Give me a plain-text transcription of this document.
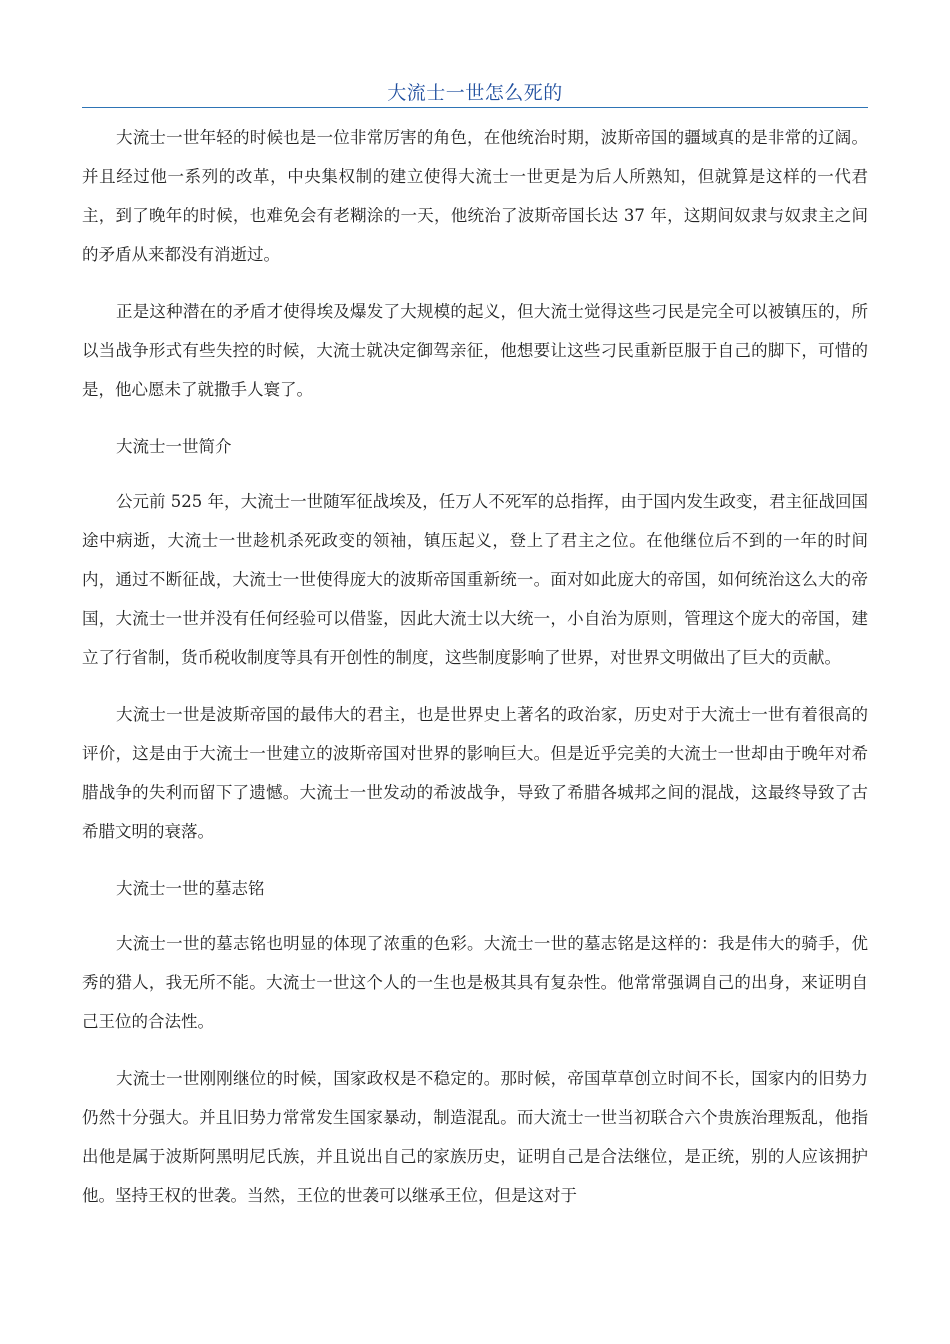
大流士一世怎么死的

大流士一世年轻的时候也是一位非常厉害的角色，在他统治时期，波斯帝国的疆域真的是非常的辽阔。并且经过他一系列的改革，中央集权制的建立使得大流士一世更是为后人所熟知，但就算是这样的一代君主，到了晚年的时候，也难免会有老糊涂的一天，他统治了波斯帝国长达 37 年，这期间奴隶与奴隶主之间的矛盾从来都没有消逝过。

正是这种潜在的矛盾才使得埃及爆发了大规模的起义，但大流士觉得这些刁民是完全可以被镇压的，所以当战争形式有些失控的时候，大流士就决定御驾亲征，他想要让这些刁民重新臣服于自己的脚下，可惜的是，他心愿未了就撒手人寰了。

大流士一世简介

公元前 525 年，大流士一世随军征战埃及，任万人不死军的总指挥，由于国内发生政变，君主征战回国途中病逝，大流士一世趁机杀死政变的领袖，镇压起义，登上了君主之位。在他继位后不到的一年的时间内，通过不断征战，大流士一世使得庞大的波斯帝国重新统一。面对如此庞大的帝国，如何统治这么大的帝国，大流士一世并没有任何经验可以借鉴，因此大流士以大统一，小自治为原则，管理这个庞大的帝国，建立了行省制，货币税收制度等具有开创性的制度，这些制度影响了世界，对世界文明做出了巨大的贡献。

大流士一世是波斯帝国的最伟大的君主，也是世界史上著名的政治家，历史对于大流士一世有着很高的评价，这是由于大流士一世建立的波斯帝国对世界的影响巨大。但是近乎完美的大流士一世却由于晚年对希腊战争的失利而留下了遗憾。大流士一世发动的希波战争，导致了希腊各城邦之间的混战，这最终导致了古希腊文明的衰落。

大流士一世的墓志铭

大流士一世的墓志铭也明显的体现了浓重的色彩。大流士一世的墓志铭是这样的：我是伟大的骑手，优秀的猎人，我无所不能。大流士一世这个人的一生也是极其具有复杂性。他常常强调自己的出身，来证明自己王位的合法性。

大流士一世刚刚继位的时候，国家政权是不稳定的。那时候，帝国草草创立时间不长，国家内的旧势力仍然十分强大。并且旧势力常常发生国家暴动，制造混乱。而大流士一世当初联合六个贵族治理叛乱，他指出他是属于波斯阿黑明尼氏族，并且说出自己的家族历史，证明自己是合法继位，是正统，别的人应该拥护他。坚持王权的世袭。当然，王位的世袭可以继承王位，但是这对于
